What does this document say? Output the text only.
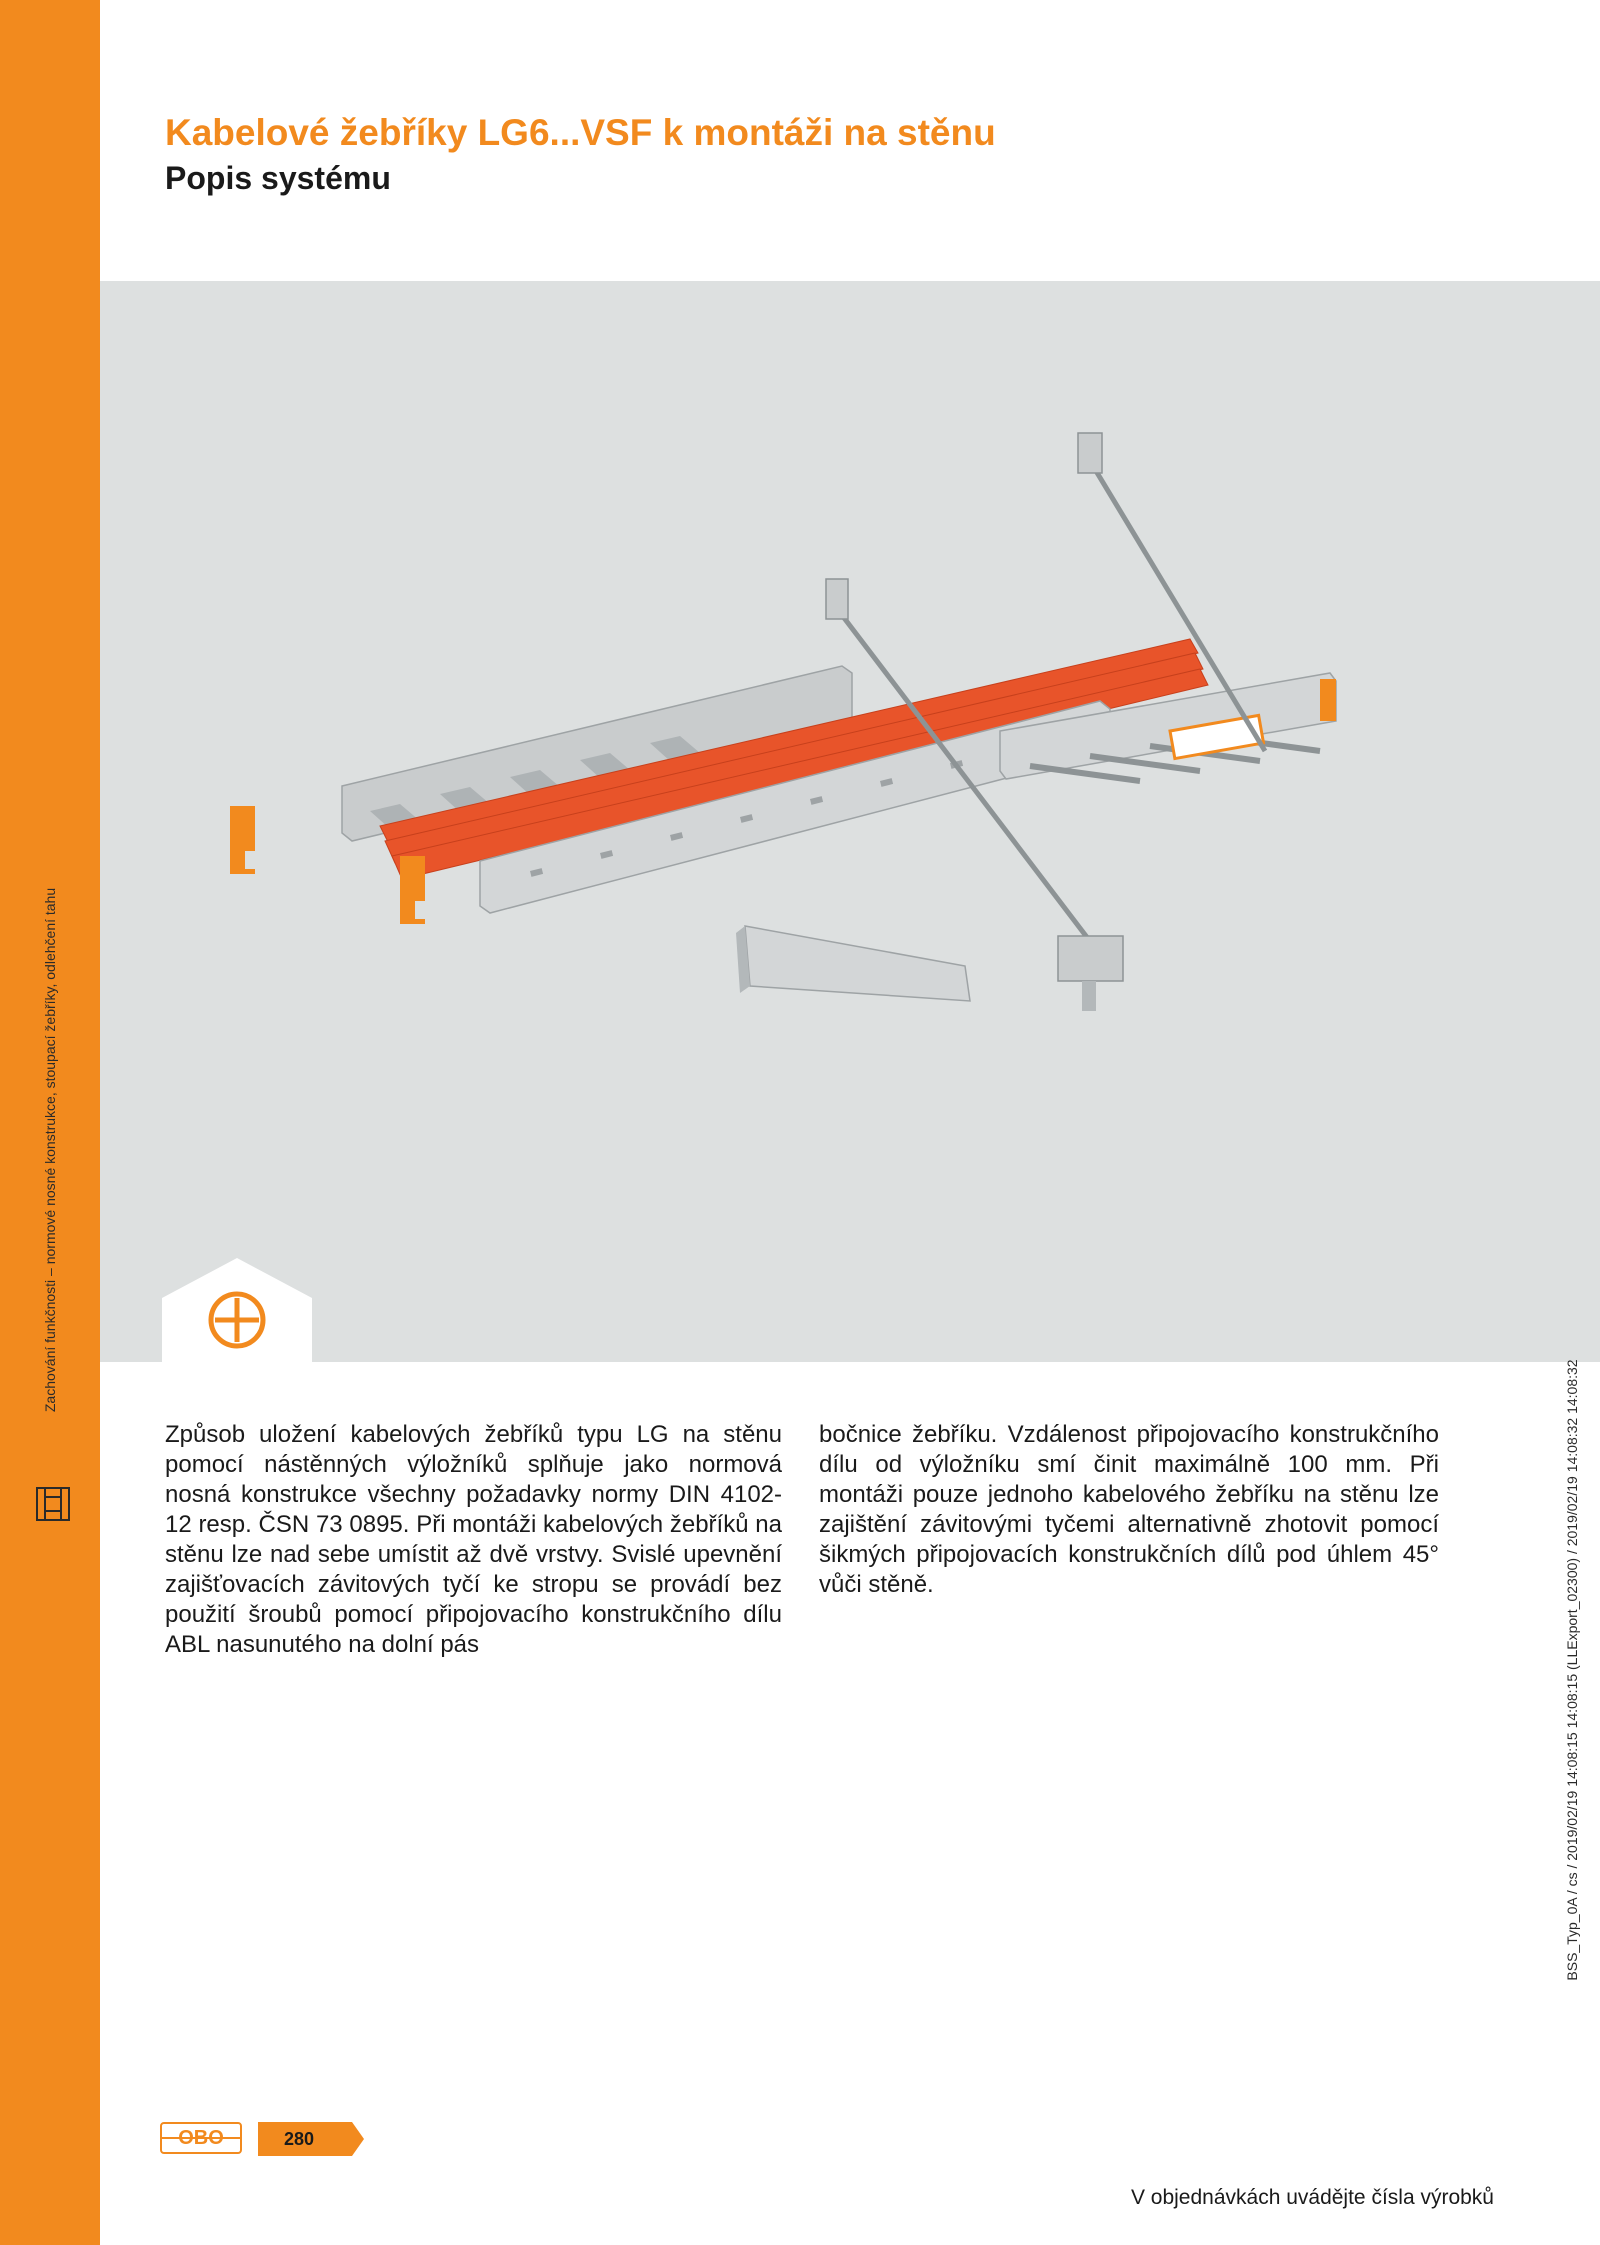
Zachování funkčnosti – normové nosné konstrukce, stoupací žebříky, odlehčení tahu
Kabelové žebříky LG6...VSF k montáži na stěnu
Popis systému

Způsob uložení kabelových žebříků typu LG na stěnu pomocí nástěnných výložníků splňuje jako normová nosná konstrukce všechny požadavky normy DIN 4102-12 resp. ČSN 73 0895. Při montáži kabelových žebříků na stěnu lze nad sebe umístit až dvě vrstvy. Svislé upevnění zajišťovacích závitových tyčí ke stropu se provádí bez použití šroubů pomocí připojovacího konstrukčního dílu ABL nasunutého na dolní pás

bočnice žebříku. Vzdálenost připojovacího konstrukčního dílu od výložníku smí činit maximálně 100 mm. Při montáži pouze jednoho kabelového žebříku na stěnu lze zajištění závitovými tyčemi alternativně zhotovit pomocí šikmých připojovacích konstrukčních dílů pod úhlem 45° vůči stěně.	BSS_Typ_0A / cs / 2019/02/19 14:08:15 14:08:15 (LLExport_02300) / 2019/02/19 14:08:32 14:08:32
OBO	280
V objednávkách uvádějte čísla výrobků
